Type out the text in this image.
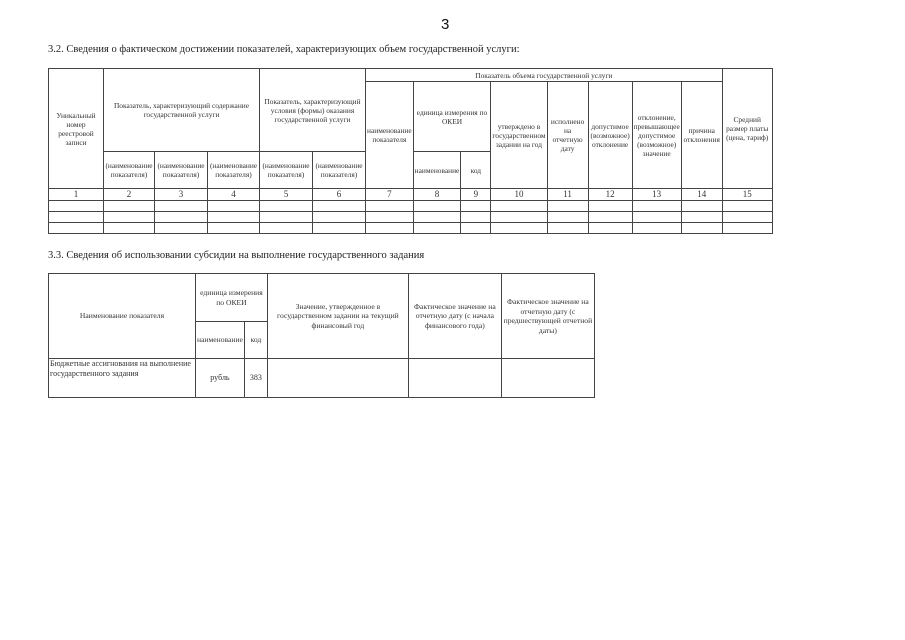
3
3.2. Сведения о фактическом достижении показателей, характеризующих объем государственной услуги:
Уникальный номер реестровой записи	Показатель, характеризующий содержание государственной услуги			Показатель, характеризующий условия (формы) оказания государственной услуги		Показатель объема государственной услуги								Средний размер платы (цена, тариф)
						наименование показателя	единица измерения по ОКЕИ		утверждено в государственном задании на год	исполнено на отчетную дату	допустимое (возможное) отклонение	отклонение, превышающее допустимое (возможное) значение	причина отклонения	
	(наименование показателя)	(наименование показателя)	(наименование показателя)	(наименование показателя)	(наименование показателя)		наименование	код						
1	2	3	4	5	6	7	8	9	10	11	12	13	14	15

3.3. Сведения об использовании субсидии на выполнение государственного задания
Наименование показателя	единица измерения по ОКЕИ		Значение, утвержденное в государственном задании на текущий финансовый год	Фактическое значение на отчетную дату (с начала финансового года)	Фактическое значение на отчетную дату (с предшествующей отчетной даты)
	наименование	код			
Бюджетные ассигнования на выполнение государственного задания	рубль	383			
